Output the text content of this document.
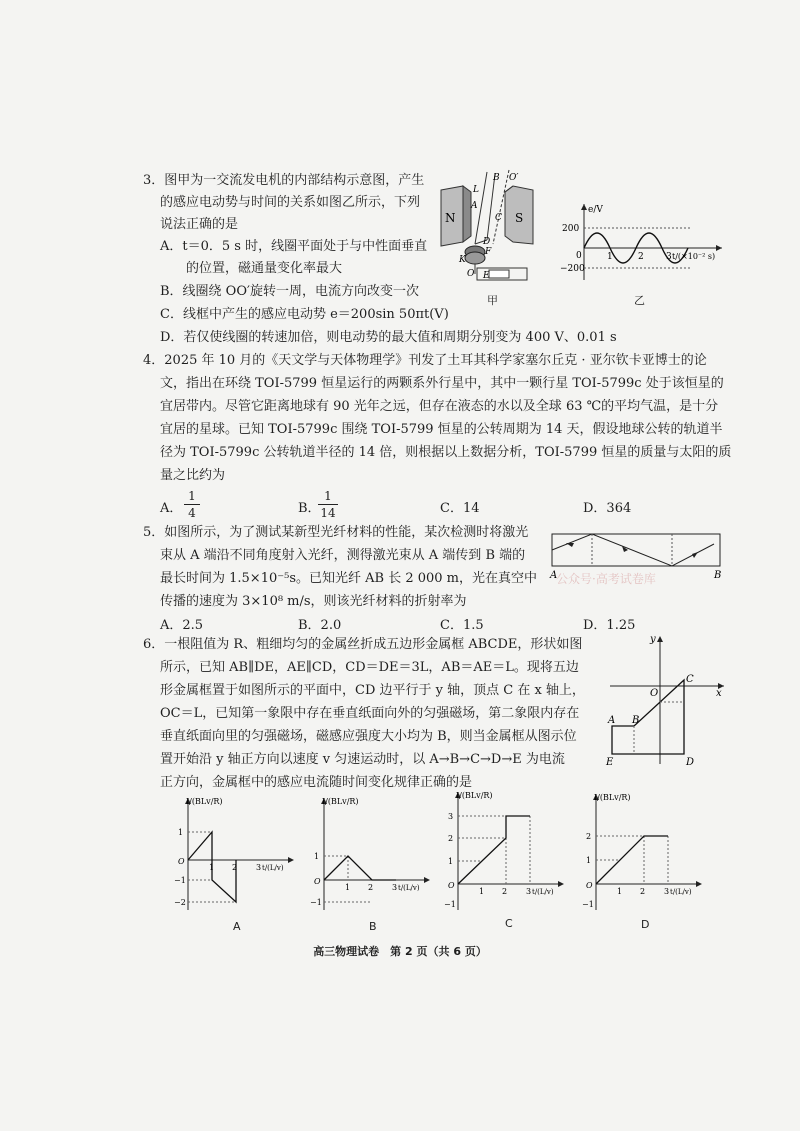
3．图甲为一交流发电机的内部结构示意图，产生
的感应电动势与时间的关系如图乙所示，下列
说法正确的是
A．t＝0．5 s 时，线圈平面处于与中性面垂直
的位置，磁通量变化率最大
B．线圈绕 OO′旋转一周，电流方向改变一次
C．线框中产生的感应电动势 e＝200sin 50πt(V)
D．若仅使线圈的转速加倍，则电动势的最大值和周期分别变为 400 V、0.01 s
N	S
B O′
A
C
D
F
K
O E
L
甲
e/V
200
−200
0	1	2 3 t/(×10⁻² s)
乙
4．2025 年 10 月的《天文学与天体物理学》刊发了土耳其科学家塞尔丘克 · 亚尔钦卡亚博士的论
文，指出在环绕 TOI-5799 恒星运行的两颗系外行星中，其中一颗行星 TOI-5799c 处于该恒星的
宜居带内。尽管它距离地球有 90 光年之远，但存在液态的水以及全球 63 ℃的平均气温，是十分
宜居的星球。已知 TOI-5799c 围绕 TOI-5799 恒星的公转周期为 14 天，假设地球公转的轨道半
径为 TOI-5799c 公转轨道半径的 14 倍，则根据以上数据分析，TOI-5799 恒星的质量与太阳的质
量之比约为
A．
1
4	B．
1
14	C．14	D．364
5．如图所示，为了测试某新型光纤材料的性能，某次检测时将激光
束从 A 端沿不同角度射入光纤，测得激光束从 A 端传到 B 端的
最长时间为 1.5×10⁻⁵s。已知光纤 AB 长 2 000 m，光在真空中
传播的速度为 3×10⁸ m/s，则该光纤材料的折射率为
A．2.5	B．2.0	C．1.5	D．1.25
A	B
公众号·高考试卷库
6．一根阻值为 R、粗细均匀的金属丝折成五边形金属框 ABCDE，形状如图
所示，已知 AB∥DE，AE∥CD，CD＝DE＝3L，AB＝AE＝L。现将五边
形金属框置于如图所示的平面中，CD 边平行于 y 轴，顶点 C 在 x 轴上，
OC＝L，已知第一象限中存在垂直纸面向外的匀强磁场，第二象限内存在
垂直纸面向里的匀强磁场，磁感应强度大小均为 B，则当金属框从图示位
置开始沿 y 轴正方向以速度 v 匀速运动时，以 A→B→C→D→E 为电流
正方向，金属框中的感应电流随时间变化规律正确的是
y
x
O
C
A B
E	D
I/(BLv/R)
1
−1
−2
O
1 2 3 t/(L/v)
A
I/(BLv/R)
1
−1
O
1 2 3 t/(L/v)
B
I/(BLv/R)
3
2
1
−1
O
1 2 3 t/(L/v)
C
I/(BLv/R)
2
1
−1
O
1 2 3 t/(L/v)
D
高三物理试卷　第 2 页（共 6 页）
